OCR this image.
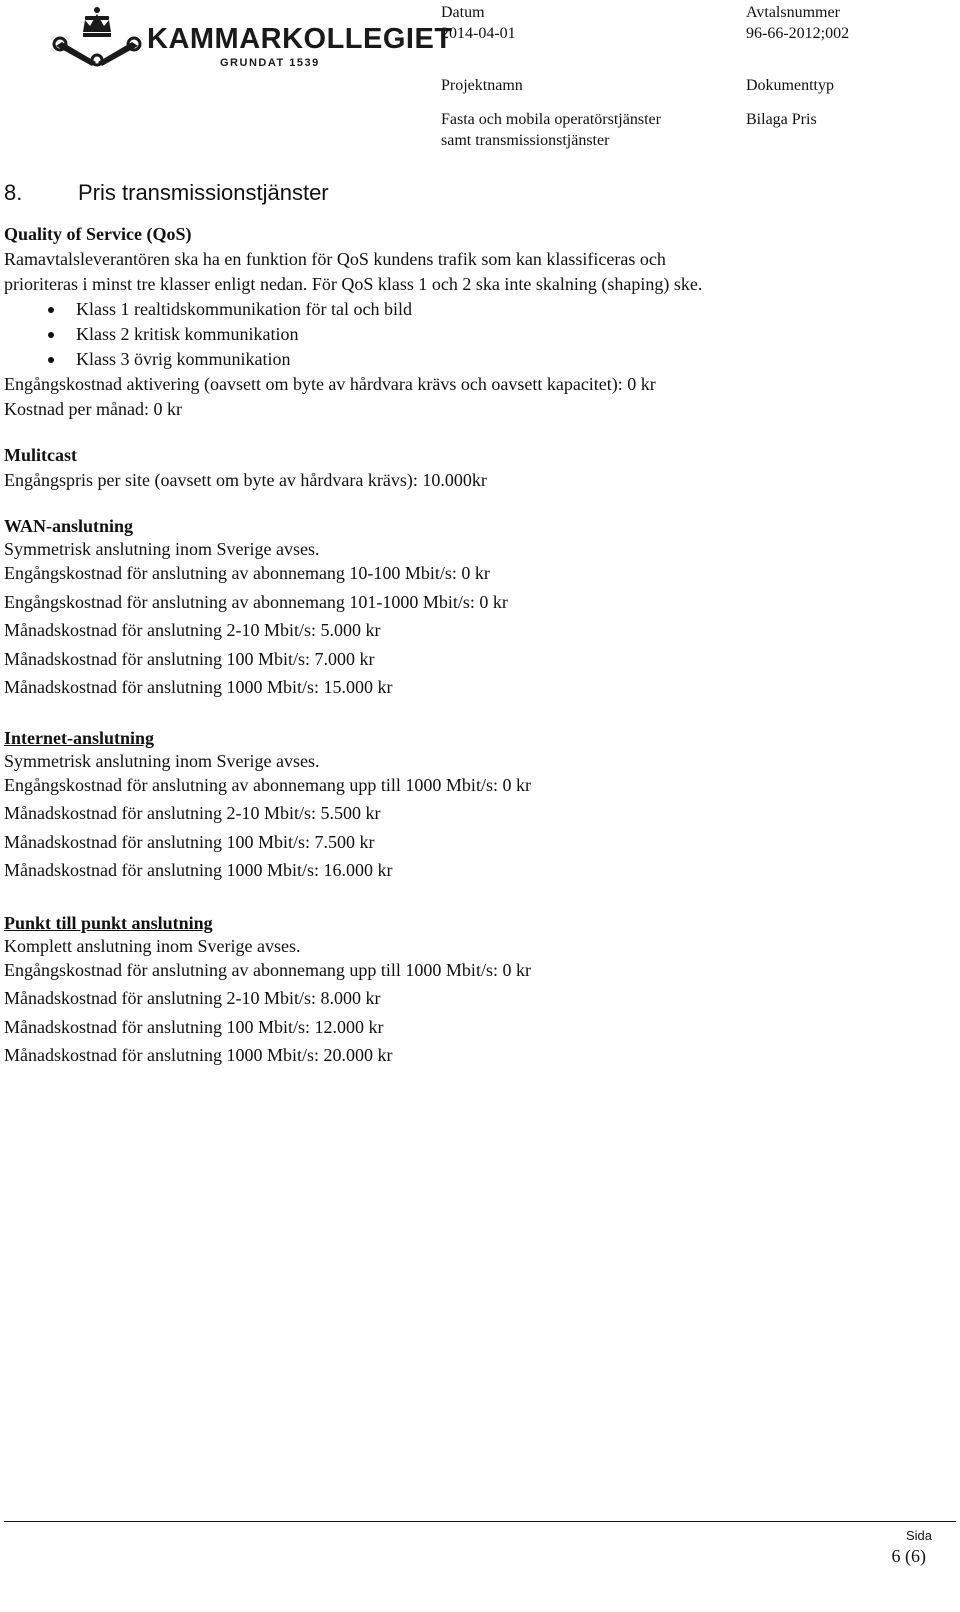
KAMMARKOLLEGIET
GRUNDAT 1539
Datum
2014-04-01
Avtalsnummer
96-66-2012;002
Projektnamn
Fasta och mobila operatörstjänster
samt transmissionstjänster
Dokumenttyp
Bilaga Pris
8.	Pris transmissionstjänster
Quality of Service (QoS)
Ramavtalsleverantören ska ha en funktion för QoS kundens trafik som kan klassificeras och
prioriteras i minst tre klasser enligt nedan. För QoS klass 1 och 2 ska inte skalning (shaping) ske.
Klass 1 realtidskommunikation för tal och bild
Klass 2 kritisk kommunikation
Klass 3 övrig kommunikation
Engångskostnad aktivering (oavsett om byte av hårdvara krävs och oavsett kapacitet): 0 kr
Kostnad per månad: 0 kr
Mulitcast
Engångspris per site (oavsett om byte av hårdvara krävs): 10.000kr
WAN-anslutning
Symmetrisk anslutning inom Sverige avses.
Engångskostnad för anslutning av abonnemang 10-100 Mbit/s: 0 kr
Engångskostnad för anslutning av abonnemang 101-1000 Mbit/s: 0 kr
Månadskostnad för anslutning 2-10 Mbit/s: 5.000 kr
Månadskostnad för anslutning 100 Mbit/s: 7.000 kr
Månadskostnad för anslutning 1000 Mbit/s: 15.000 kr
Internet-anslutning
Symmetrisk anslutning inom Sverige avses.
Engångskostnad för anslutning av abonnemang upp till 1000 Mbit/s: 0 kr
Månadskostnad för anslutning 2-10 Mbit/s: 5.500 kr
Månadskostnad för anslutning 100 Mbit/s: 7.500 kr
Månadskostnad för anslutning 1000 Mbit/s: 16.000 kr
Punkt till punkt anslutning
Komplett anslutning inom Sverige avses.
Engångskostnad för anslutning av abonnemang upp till 1000 Mbit/s: 0 kr
Månadskostnad för anslutning 2-10 Mbit/s: 8.000 kr
Månadskostnad för anslutning 100 Mbit/s: 12.000 kr
Månadskostnad för anslutning 1000 Mbit/s: 20.000 kr
Sida
6 (6)
